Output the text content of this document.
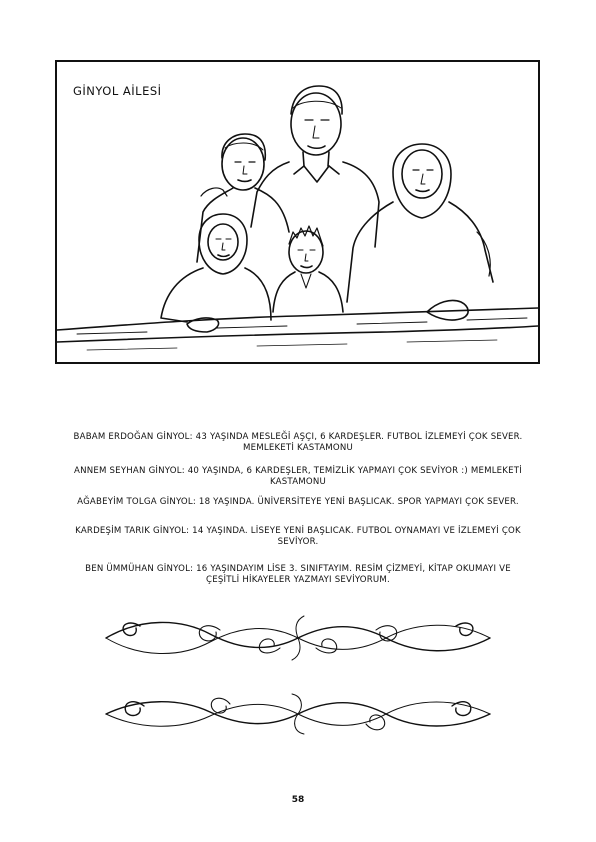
GİNYOL AİLESİ
BABAM ERDOĞAN GİNYOL: 43 YAŞINDA MESLEĞİ AŞÇI, 6 KARDEŞLER. FUTBOL İZLEMEYİ ÇOK SEVER. MEMLEKETİ KASTAMONU
ANNEM SEYHAN GİNYOL: 40 YAŞINDA, 6 KARDEŞLER, TEMİZLİK YAPMAYI ÇOK SEVİYOR :) MEMLEKETİ KASTAMONU
AĞABEYİM TOLGA GİNYOL: 18 YAŞINDA. ÜNİVERSİTEYE YENİ BAŞLICAK. SPOR YAPMAYI ÇOK SEVER.
KARDEŞİM TARIK GİNYOL: 14 YAŞINDA. LİSEYE YENİ BAŞLICAK. FUTBOL OYNAMAYI VE İZLEMEYİ ÇOK SEVİYOR.
BEN ÜMMÜHAN GİNYOL: 16 YAŞINDAYIM LİSE 3. SINIFTAYIM. RESİM ÇİZMEYİ, KİTAP OKUMAYI VE ÇEŞİTLİ HİKAYELER YAZMAYI SEVİYORUM.
58
